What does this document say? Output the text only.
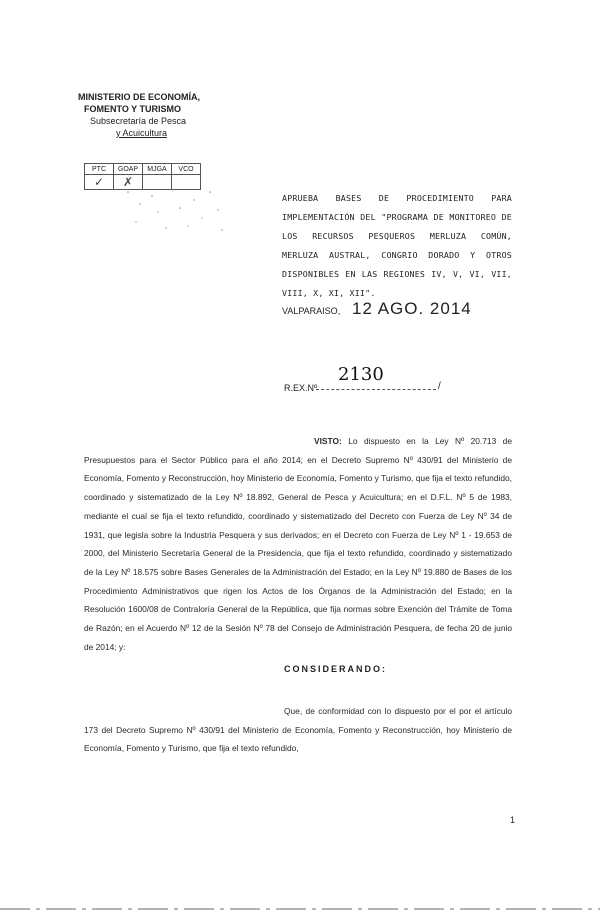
MINISTERIO DE ECONOMÍA,
FOMENTO Y TURISMO
Subsecretaría de Pesca
y Acuicultura
PTC	GOAP	MJGA	VCO
✓	✗		
APRUEBA BASES DE PROCEDIMIENTO PARA IMPLEMENTACIÓN DEL "PROGRAMA DE MONITOREO DE LOS RECURSOS PESQUEROS MERLUZA COMÚN, MERLUZA AUSTRAL, CONGRIO DORADO Y OTROS DISPONIBLES EN LAS REGIONES IV, V, VI, VII, VIII, X, XI, XII".
VALPARAISO, 12 AGO. 2014
2130
R.EX.Nº	/
VISTO: Lo dispuesto en la Ley Nº 20.713 de Presupuestos para el Sector Público para el año 2014; en el Decreto Supremo Nº 430/91 del Ministerio de Economía, Fomento y Reconstrucción, hoy Ministerio de Economía, Fomento y Turismo, que fija el texto refundido, coordinado y sistematizado de la Ley Nº 18.892, General de Pesca y Acuicultura; en el D.F.L. Nº 5 de 1983, mediante el cual se fija el texto refundido, coordinado y sistematizado del Decreto con Fuerza de Ley Nº 34 de 1931, que legisla sobre la Industria Pesquera y sus derivados; en el Decreto con Fuerza de Ley Nº 1 - 19.653 de 2000, del Ministerio Secretaría General de la Presidencia, que fija el texto refundido, coordinado y sistematizado de la Ley Nº 18.575 sobre Bases Generales de la Administración del Estado; en la Ley Nº 19.880 de Bases de los Procedimiento Administrativos que rigen los Actos de los Órganos de la Administración del Estado; en la Resolución 1600/08 de Contraloría General de la República, que fija normas sobre Exención del Trámite de Toma de Razón; en el Acuerdo Nº 12 de la Sesión Nº 78 del Consejo de Administración Pesquera, de fecha 20 de junio de 2014; y:
CONSIDERANDO:
Que, de conformidad con lo dispuesto por el por el artículo 173 del Decreto Supremo Nº 430/91 del Ministerio de Economía, Fomento y Reconstrucción, hoy Ministerio de Economía, Fomento y Turismo, que fija el texto refundido,
1
